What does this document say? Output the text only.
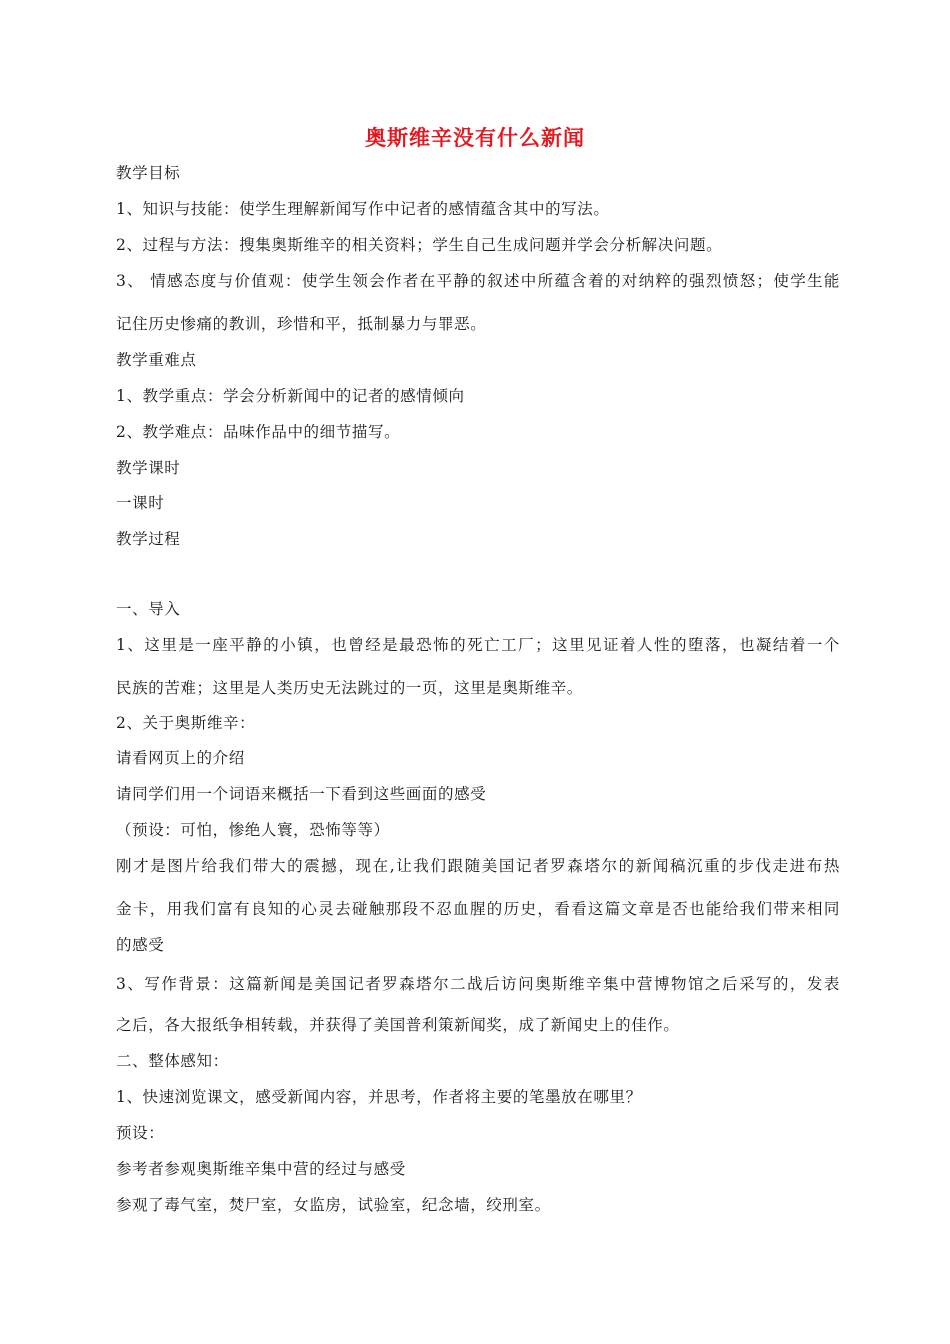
奥斯维辛没有什么新闻
教学目标
1、知识与技能：使学生理解新闻写作中记者的感情蕴含其中的写法。
2、过程与方法：搜集奥斯维辛的相关资料；学生自己生成问题并学会分析解决问题。
3、 情感态度与价值观：使学生领会作者在平静的叙述中所蕴含着的对纳粹的强烈愤怒；使学生能
记住历史惨痛的教训，珍惜和平，抵制暴力与罪恶。
教学重难点
1、教学重点：学会分析新闻中的记者的感情倾向
2、教学难点：品味作品中的细节描写。
教学课时
一课时
教学过程
一、导入
1、这里是一座平静的小镇，也曾经是最恐怖的死亡工厂；这里见证着人性的堕落，也凝结着一个
民族的苦难；这里是人类历史无法跳过的一页，这里是奥斯维辛。
2、关于奥斯维辛：
请看网页上的介绍
请同学们用一个词语来概括一下看到这些画面的感受
（预设：可怕，惨绝人寰，恐怖等等）
刚才是图片给我们带大的震撼，现在,让我们跟随美国记者罗森塔尔的新闻稿沉重的步伐走进布热
金卡，用我们富有良知的心灵去碰触那段不忍血腥的历史，看看这篇文章是否也能给我们带来相同
的感受
3、写作背景：这篇新闻是美国记者罗森塔尔二战后访问奥斯维辛集中营博物馆之后采写的，发表
之后，各大报纸争相转载，并获得了美国普利策新闻奖，成了新闻史上的佳作。
二、整体感知：
1、快速浏览课文，感受新闻内容，并思考，作者将主要的笔墨放在哪里？
预设：
参考者参观奥斯维辛集中营的经过与感受
参观了毒气室，焚尸室，女监房，试验室，纪念墙，绞刑室。
